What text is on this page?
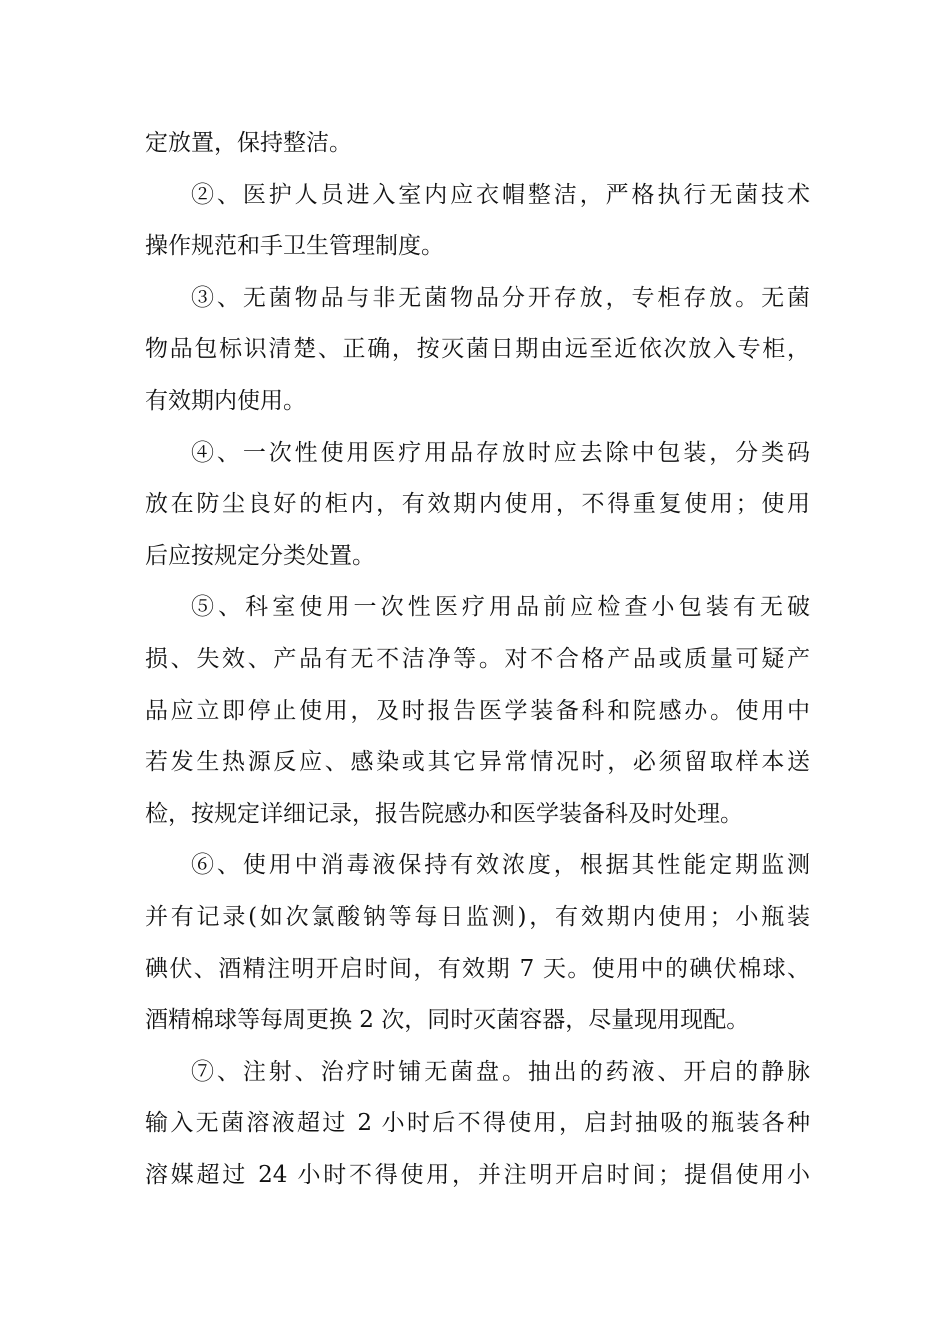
定放置，保持整洁。
②、医护人员进入室内应衣帽整洁，严格执行无菌技术
操作规范和手卫生管理制度。
③、无菌物品与非无菌物品分开存放，专柜存放。无菌
物品包标识清楚、正确，按灭菌日期由远至近依次放入专柜，
有效期内使用。
④、一次性使用医疗用品存放时应去除中包装，分类码
放在防尘良好的柜内，有效期内使用，不得重复使用；使用
后应按规定分类处置。
⑤、科室使用一次性医疗用品前应检查小包装有无破
损、失效、产品有无不洁净等。对不合格产品或质量可疑产
品应立即停止使用，及时报告医学装备科和院感办。使用中
若发生热源反应、感染或其它异常情况时，必须留取样本送
检，按规定详细记录，报告院感办和医学装备科及时处理。
⑥、使用中消毒液保持有效浓度，根据其性能定期监测
并有记录(如次氯酸钠等每日监测)，有效期内使用；小瓶装
碘伏、酒精注明开启时间，有效期 7 天。使用中的碘伏棉球、
酒精棉球等每周更换 2 次，同时灭菌容器，尽量现用现配。
⑦、注射、治疗时铺无菌盘。抽出的药液、开启的静脉
输入无菌溶液超过 2 小时后不得使用，启封抽吸的瓶装各种
溶媒超过 24 小时不得使用，并注明开启时间；提倡使用小
